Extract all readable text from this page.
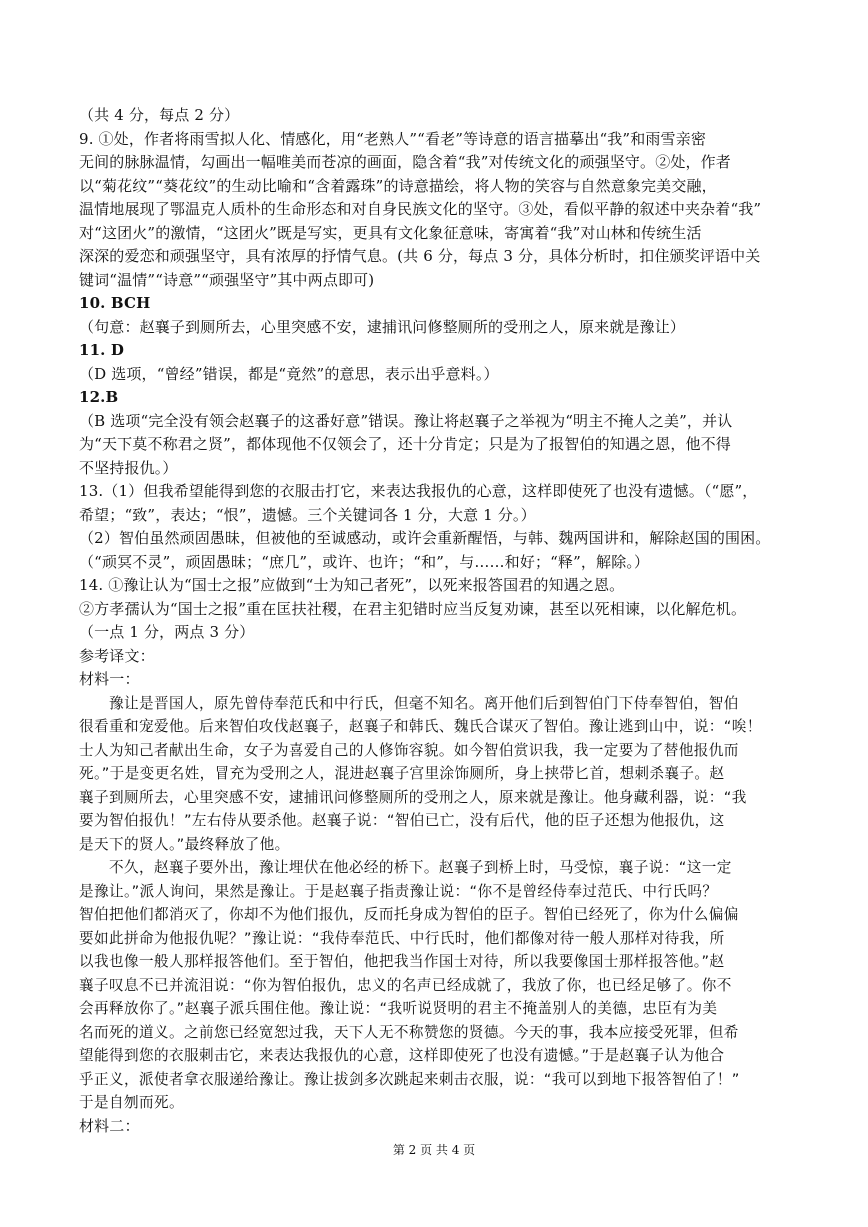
（共 4 分，每点 2 分）
9. ①处，作者将雨雪拟人化、情感化，用“老熟人”“看老”等诗意的语言描摹出“我”和雨雪亲密
无间的脉脉温情，勾画出一幅唯美而苍凉的画面，隐含着“我”对传统文化的顽强坚守。②处，作者
以“菊花纹”“葵花纹”的生动比喻和“含着露珠”的诗意描绘，将人物的笑容与自然意象完美交融，
温情地展现了鄂温克人质朴的生命形态和对自身民族文化的坚守。③处，看似平静的叙述中夹杂着“我”
对“这团火”的激情，“这团火”既是写实，更具有文化象征意味，寄寓着“我”对山林和传统生活
深深的爱恋和顽强坚守，具有浓厚的抒情气息。(共 6 分，每点 3 分，具体分析时，扣住颁奖评语中关
键词“温情”“诗意”“顽强坚守”其中两点即可)
10. BCH
（句意：赵襄子到厕所去，心里突感不安，逮捕讯问修整厕所的受刑之人，原来就是豫让）
11. D
（D 选项，“曾经”错误，都是“竟然”的意思，表示出乎意料。）
12.B
（B 选项“完全没有领会赵襄子的这番好意”错误。豫让将赵襄子之举视为“明主不掩人之美”，并认
为“天下莫不称君之贤”，都体现他不仅领会了，还十分肯定；只是为了报智伯的知遇之恩，他不得
不坚持报仇。）
13.（1）但我希望能得到您的衣服击打它，来表达我报仇的心意，这样即使死了也没有遗憾。（“愿”，
希望；“致”，表达；“恨”，遗憾。三个关键词各 1 分，大意 1 分。）
（2）智伯虽然顽固愚昧，但被他的至诚感动，或许会重新醒悟，与韩、魏两国讲和，解除赵国的围困。
（“顽冥不灵”，顽固愚昧；“庶几”，或许、也许；“和”，与……和好；“释”，解除。）
14. ①豫让认为“国士之报”应做到“士为知己者死”，以死来报答国君的知遇之恩。
②方孝孺认为“国士之报”重在匡扶社稷，在君主犯错时应当反复劝谏，甚至以死相谏，以化解危机。
（一点 1 分，两点 3 分）
参考译文：
材料一：
豫让是晋国人，原先曾侍奉范氏和中行氏，但毫不知名。离开他们后到智伯门下侍奉智伯，智伯
很看重和宠爱他。后来智伯攻伐赵襄子，赵襄子和韩氏、魏氏合谋灭了智伯。豫让逃到山中，说：“唉！
士人为知己者献出生命，女子为喜爱自己的人修饰容貌。如今智伯赏识我，我一定要为了替他报仇而
死。”于是变更名姓，冒充为受刑之人，混进赵襄子宫里涂饰厕所，身上挟带匕首，想刺杀襄子。赵
襄子到厕所去，心里突感不安，逮捕讯问修整厕所的受刑之人，原来就是豫让。他身藏利器，说：“我
要为智伯报仇！”左右侍从要杀他。赵襄子说：“智伯已亡，没有后代，他的臣子还想为他报仇，这
是天下的贤人。”最终释放了他。
不久，赵襄子要外出，豫让埋伏在他必经的桥下。赵襄子到桥上时，马受惊，襄子说：“这一定
是豫让。”派人询问，果然是豫让。于是赵襄子指责豫让说：“你不是曾经侍奉过范氏、中行氏吗？
智伯把他们都消灭了，你却不为他们报仇，反而托身成为智伯的臣子。智伯已经死了，你为什么偏偏
要如此拼命为他报仇呢？”豫让说：“我侍奉范氏、中行氏时，他们都像对待一般人那样对待我，所
以我也像一般人那样报答他们。至于智伯，他把我当作国士对待，所以我要像国士那样报答他。”赵
襄子叹息不已并流泪说：“你为智伯报仇，忠义的名声已经成就了，我放了你，也已经足够了。你不
会再释放你了。”赵襄子派兵围住他。豫让说：“我听说贤明的君主不掩盖别人的美德，忠臣有为美
名而死的道义。之前您已经宽恕过我，天下人无不称赞您的贤德。今天的事，我本应接受死罪，但希
望能得到您的衣服刺击它，来表达我报仇的心意，这样即使死了也没有遗憾。”于是赵襄子认为他合
乎正义，派使者拿衣服递给豫让。豫让拔剑多次跳起来刺击衣服，说：“我可以到地下报答智伯了！”
于是自刎而死。
材料二：
第 2 页 共 4 页
